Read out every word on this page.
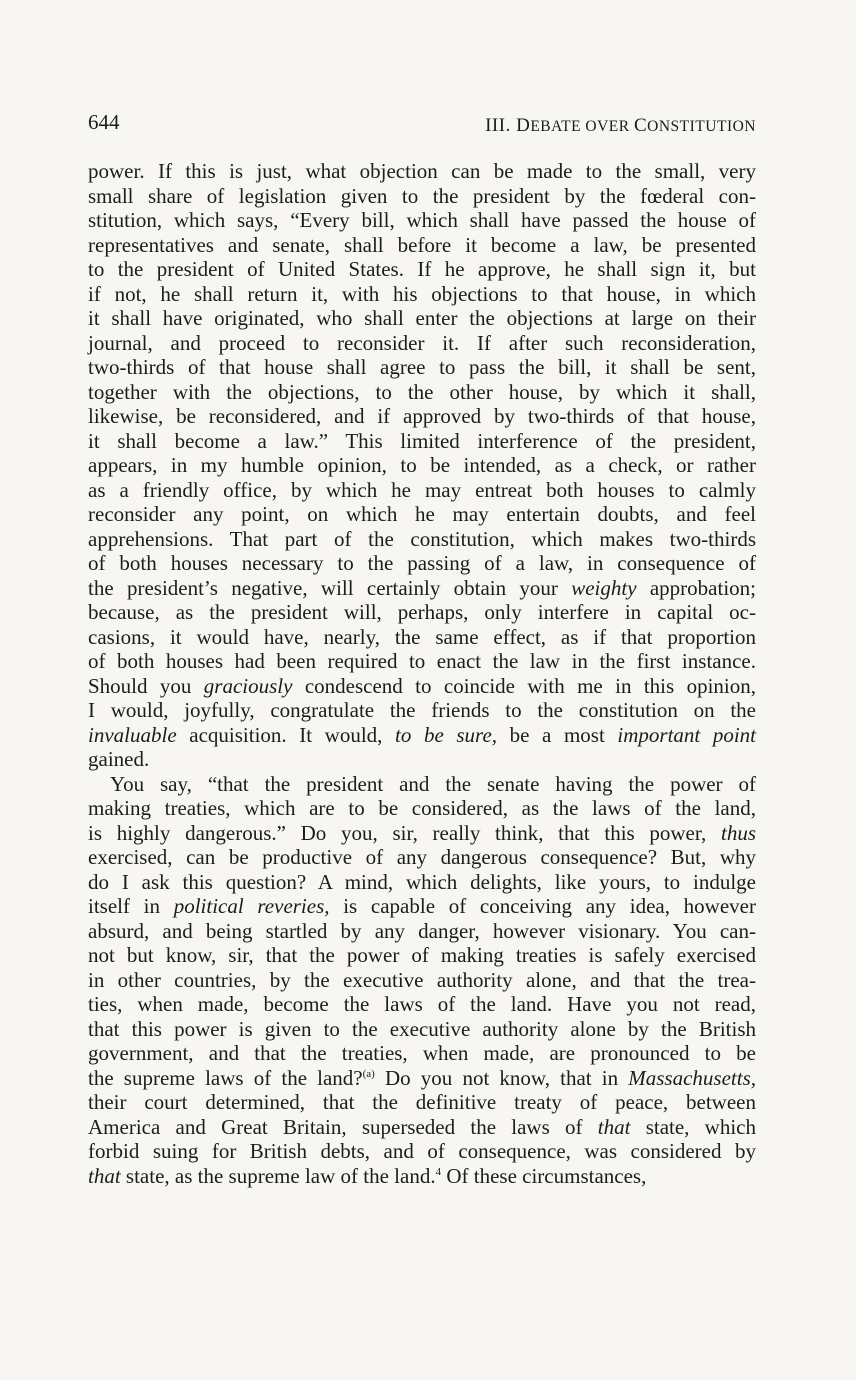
644	III. DEBATE OVER CONSTITUTION
power. If this is just, what objection can be made to the small, very
small share of legislation given to the president by the fœderal con-
stitution, which says, “Every bill, which shall have passed the house of
representatives and senate, shall before it become a law, be presented
to the president of United States. If he approve, he shall sign it, but
if not, he shall return it, with his objections to that house, in which
it shall have originated, who shall enter the objections at large on their
journal, and proceed to reconsider it. If after such reconsideration,
two-thirds of that house shall agree to pass the bill, it shall be sent,
together with the objections, to the other house, by which it shall,
likewise, be reconsidered, and if approved by two-thirds of that house,
it shall become a law.” This limited interference of the president,
appears, in my humble opinion, to be intended, as a check, or rather
as a friendly office, by which he may entreat both houses to calmly
reconsider any point, on which he may entertain doubts, and feel
apprehensions. That part of the constitution, which makes two-thirds
of both houses necessary to the passing of a law, in consequence of
the president’s negative, will certainly obtain your weighty approbation;
because, as the president will, perhaps, only interfere in capital oc-
casions, it would have, nearly, the same effect, as if that proportion
of both houses had been required to enact the law in the first instance.
Should you graciously condescend to coincide with me in this opinion,
I would, joyfully, congratulate the friends to the constitution on the
invaluable acquisition. It would, to be sure, be a most important point
gained.
You say, “that the president and the senate having the power of
making treaties, which are to be considered, as the laws of the land,
is highly dangerous.” Do you, sir, really think, that this power, thus
exercised, can be productive of any dangerous consequence? But, why
do I ask this question? A mind, which delights, like yours, to indulge
itself in political reveries, is capable of conceiving any idea, however
absurd, and being startled by any danger, however visionary. You can-
not but know, sir, that the power of making treaties is safely exercised
in other countries, by the executive authority alone, and that the trea-
ties, when made, become the laws of the land. Have you not read,
that this power is given to the executive authority alone by the British
government, and that the treaties, when made, are pronounced to be
the supreme laws of the land?$^{(a)}$ Do you not know, that in Massachusetts,
their court determined, that the definitive treaty of peace, between
America and Great Britain, superseded the laws of that state, which
forbid suing for British debts, and of consequence, was considered by
that state, as the supreme law of the land.$^4$ Of these circumstances,
